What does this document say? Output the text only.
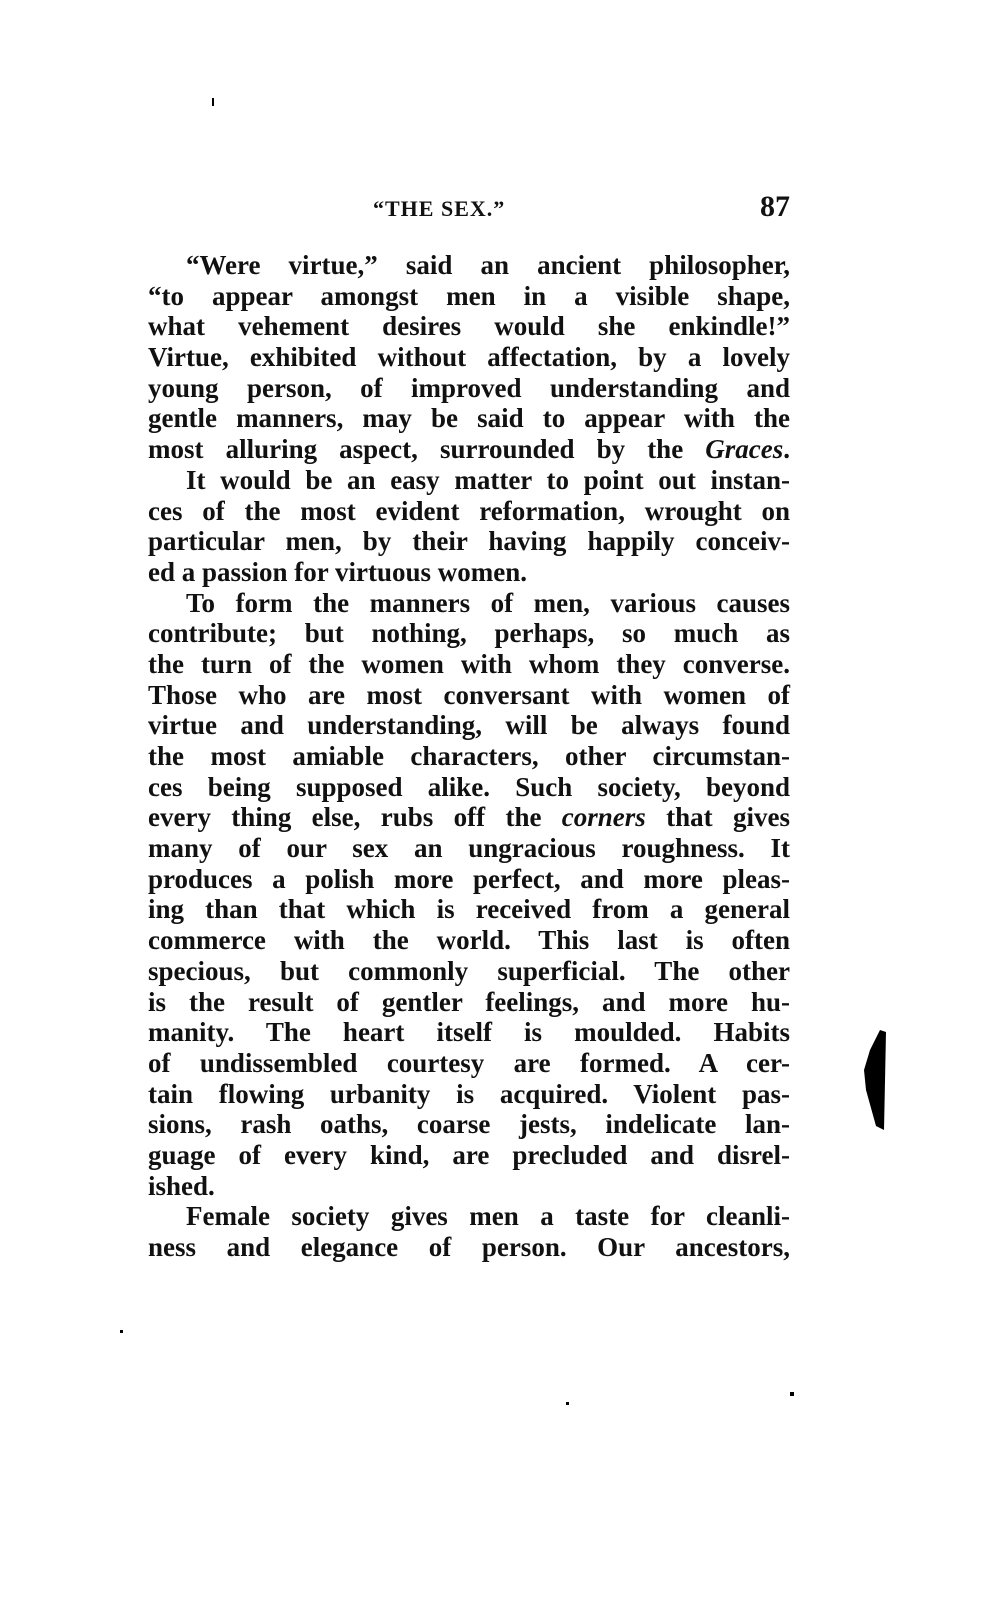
“THE SEX.”	87
“Were virtue,” said an ancient philosopher,
“to appear amongst men in a visible shape,
what vehement desires would she enkindle!”
Virtue, exhibited without affectation, by a lovely
young person, of improved understanding and
gentle manners, may be said to appear with the
most alluring aspect, surrounded by the Graces.
It would be an easy matter to point out instan-
ces of the most evident reformation, wrought on
particular men, by their having happily conceiv-
ed a passion for virtuous women.
To form the manners of men, various causes
contribute; but nothing, perhaps, so much as
the turn of the women with whom they converse.
Those who are most conversant with women of
virtue and understanding, will be always found
the most amiable characters, other circumstan-
ces being supposed alike. Such society, beyond
every thing else, rubs off the corners that gives
many of our sex an ungracious roughness. It
produces a polish more perfect, and more pleas-
ing than that which is received from a general
commerce with the world. This last is often
specious, but commonly superficial. The other
is the result of gentler feelings, and more hu-
manity. The heart itself is moulded. Habits
of undissembled courtesy are formed. A cer-
tain flowing urbanity is acquired. Violent pas-
sions, rash oaths, coarse jests, indelicate lan-
guage of every kind, are precluded and disrel-
ished.
Female society gives men a taste for cleanli-
ness and elegance of person. Our ancestors,
